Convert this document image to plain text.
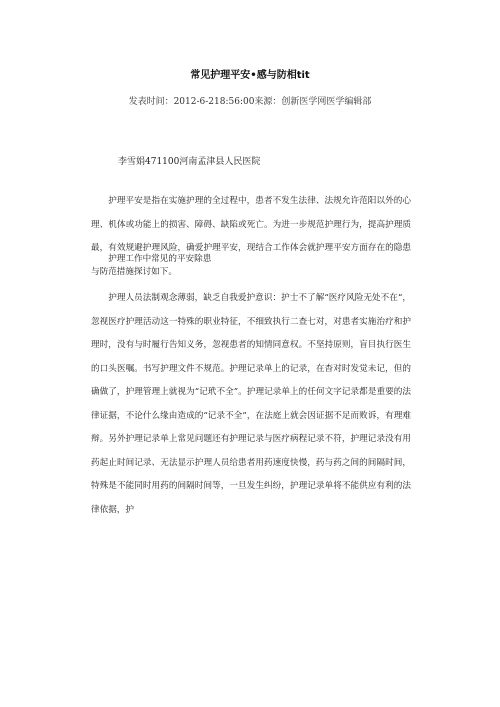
常见护理平安•感与防相tit
发表时间：2012-6-218:56:00来源：创新医学网医学编辑部
李雪娟471100河南孟津县人民医院

护理平安是指在实施护理的全过程中，患者不发生法律、法规允许范阳以外的心理、机体或功能上的损害、障碍、缺陷或死亡。为进一步规范护理行为，提高护理质最，有效规避护理风险，确爱护理平安，现结合工作体会就护理平安方面存在的隐患与防范措施探讨如下。

护理工作中常见的平安除患

护理人员法制观念薄弱，缺乏自我爱护意识：护士不了解“医疗风险无处不在“，忽视医疗护理活动这一特殊的职业特征，不细致执行二查七对，对患者实施治疗和护理时，没有与时履行告知义务，忽视患者的知情同意权。不坚持原则，盲目执行医生的口头医嘱。书写护理文件不规范。护理记录单上的记录，在杳对时发觉未记，但的确做了，护理管理上就视为“记玳不全”。护理记录单上的任何文字记录都是重要的法律证据，不论什么缘由造成的“记录不全”，在法庭上就会因证据不足而败诉，有理难辩。另外护理记录单上常见问题还有护理记录与医疗病程记录不符，护理记录没有用药起止时间记录、无法显示护理人员给患者用药速度快慢，药与药之间的间隔时间，特殊是不能同时用药的间隔时间等，一旦发生纠纷，护理记录单将不能供应有利的法律依据，护
